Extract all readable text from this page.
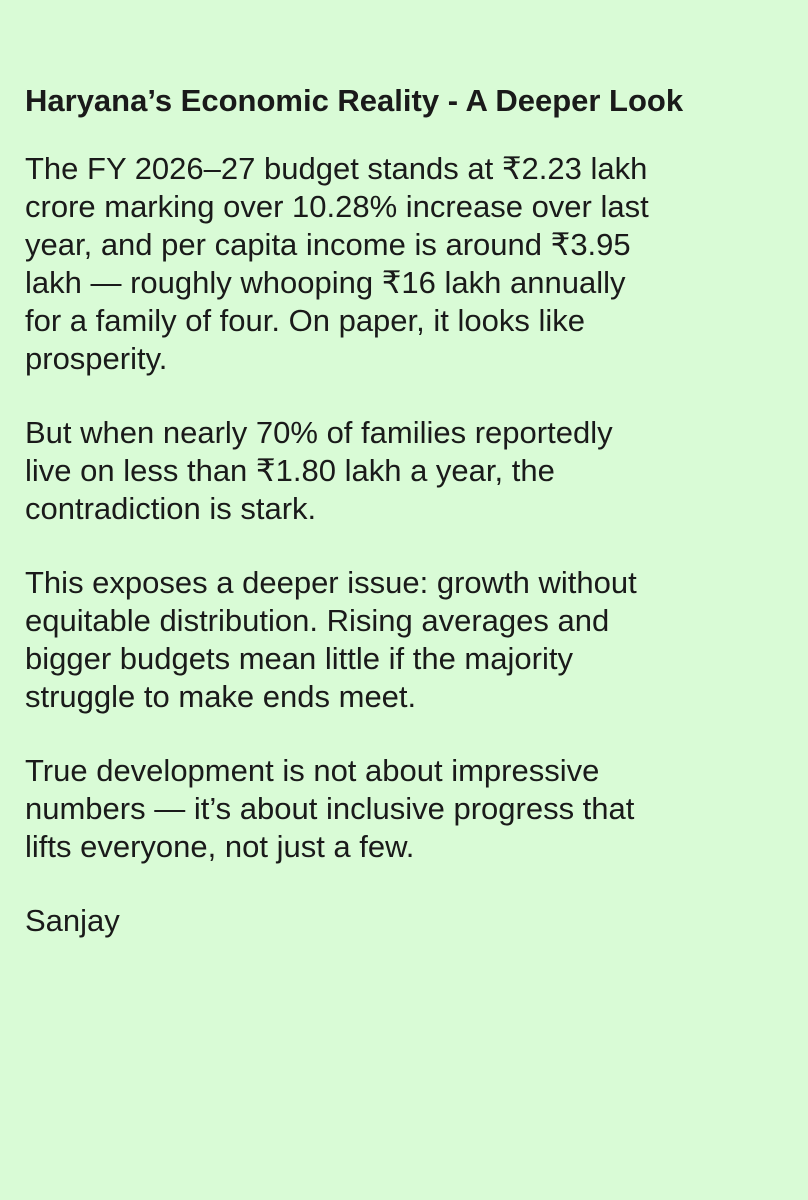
Haryana’s Economic Reality - A Deeper Look
The FY 2026–27 budget stands at ₹2.23 lakh
crore marking over 10.28% increase over last
year, and per capita income is around ₹3.95
lakh — roughly whooping ₹16 lakh annually
for a family of four. On paper, it looks like
prosperity.
But when nearly 70% of families reportedly
live on less than ₹1.80 lakh a year, the
contradiction is stark.
This exposes a deeper issue: growth without
equitable distribution. Rising averages and
bigger budgets mean little if the majority
struggle to make ends meet.
True development is not about impressive
numbers — it’s about inclusive progress that
lifts everyone, not just a few.
Sanjay
